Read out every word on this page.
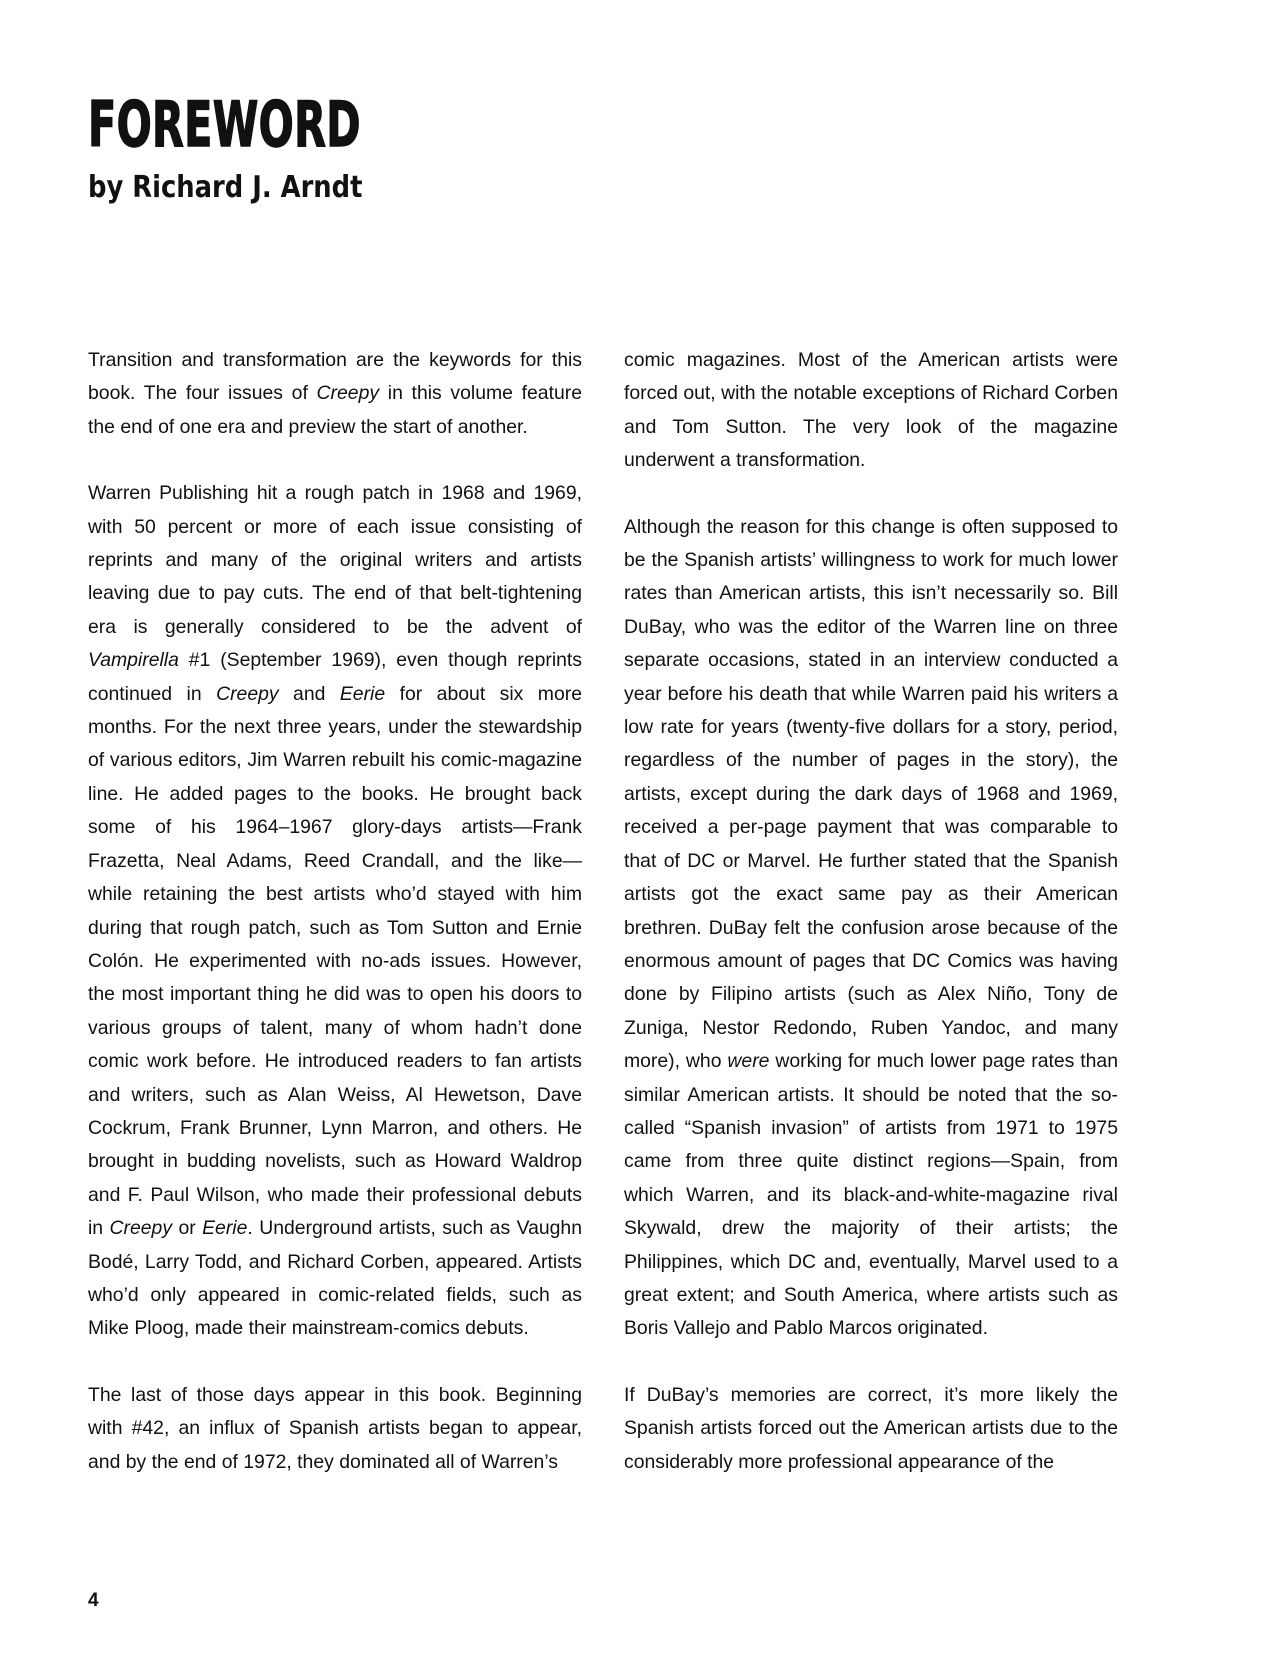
FOREWORD

by Richard J. Arndt

Transition and transformation are the keywords for this book. The four issues of Creepy in this volume feature the end of one era and preview the start of another.

Warren Publishing hit a rough patch in 1968 and 1969, with 50 percent or more of each issue consisting of reprints and many of the original writers and artists leaving due to pay cuts. The end of that belt-tightening era is generally considered to be the advent of Vampirella #1 (September 1969), even though reprints continued in Creepy and Eerie for about six more months. For the next three years, under the stewardship of various editors, Jim Warren rebuilt his comic-magazine line. He added pages to the books. He brought back some of his 1964–1967 glory-days artists—Frank Frazetta, Neal Adams, Reed Crandall, and the like—while retaining the best artists who’d stayed with him during that rough patch, such as Tom Sutton and Ernie Colón. He experimented with no-ads issues. However, the most important thing he did was to open his doors to various groups of talent, many of whom hadn’t done comic work before. He introduced readers to fan artists and writers, such as Alan Weiss, Al Hewetson, Dave Cockrum, Frank Brunner, Lynn Marron, and others. He brought in budding novelists, such as Howard Waldrop and F. Paul Wilson, who made their professional debuts in Creepy or Eerie. Underground artists, such as Vaughn Bodé, Larry Todd, and Richard Corben, appeared. Artists who’d only appeared in comic-related fields, such as Mike Ploog, made their mainstream-comics debuts.

The last of those days appear in this book. Beginning with #42, an influx of Spanish artists began to appear, and by the end of 1972, they dominated all of Warren’s

comic magazines. Most of the American artists were forced out, with the notable exceptions of Richard Corben and Tom Sutton. The very look of the magazine underwent a transformation.

Although the reason for this change is often supposed to be the Spanish artists’ willingness to work for much lower rates than American artists, this isn’t necessarily so. Bill DuBay, who was the editor of the Warren line on three separate occasions, stated in an interview conducted a year before his death that while Warren paid his writers a low rate for years (twenty-five dollars for a story, period, regardless of the number of pages in the story), the artists, except during the dark days of 1968 and 1969, received a per-page payment that was comparable to that of DC or Marvel. He further stated that the Spanish artists got the exact same pay as their American brethren. DuBay felt the confusion arose because of the enormous amount of pages that DC Comics was having done by Filipino artists (such as Alex Niño, Tony de Zuniga, Nestor Redondo, Ruben Yandoc, and many more), who were working for much lower page rates than similar American artists. It should be noted that the so-called “Spanish invasion” of artists from 1971 to 1975 came from three quite distinct regions—Spain, from which Warren, and its black-and-white-magazine rival Skywald, drew the majority of their artists; the Philippines, which DC and, eventually, Marvel used to a great extent; and South America, where artists such as Boris Vallejo and Pablo Marcos originated.

If DuBay’s memories are correct, it’s more likely the Spanish artists forced out the American artists due to the considerably more professional appearance of the

4
